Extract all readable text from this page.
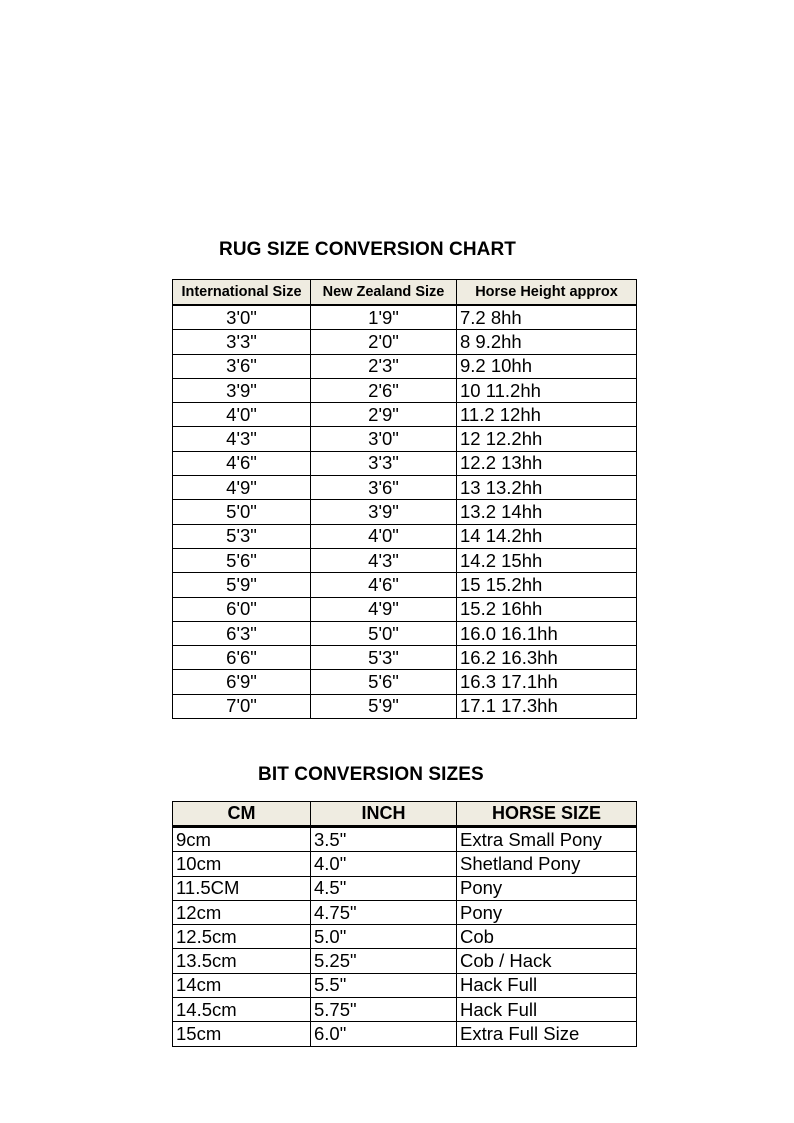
RUG SIZE CONVERSION CHART
International Size	New Zealand Size	Horse Height approx
3'0"	1'9"	7.2 8hh
3'3"	2'0"	8 9.2hh
3'6"	2'3"	9.2 10hh
3'9"	2'6"	10 11.2hh
4'0"	2'9"	11.2 12hh
4'3"	3'0"	12 12.2hh
4'6"	3'3"	12.2 13hh
4'9"	3'6"	13 13.2hh
5'0"	3'9"	13.2 14hh
5'3"	4'0"	14 14.2hh
5'6"	4'3"	14.2 15hh
5'9"	4'6"	15 15.2hh
6'0"	4'9"	15.2 16hh
6'3"	5'0"	16.0 16.1hh
6'6"	5'3"	16.2 16.3hh
6'9"	5'6"	16.3 17.1hh
7'0"	5'9"	17.1 17.3hh
BIT CONVERSION SIZES
CM	INCH	HORSE SIZE
9cm	3.5"	Extra Small Pony
10cm	4.0"	Shetland Pony
11.5CM	4.5"	Pony
12cm	4.75"	Pony
12.5cm	5.0"	Cob
13.5cm	5.25"	Cob / Hack
14cm	5.5"	Hack Full
14.5cm	5.75"	Hack Full
15cm	6.0"	Extra Full Size
